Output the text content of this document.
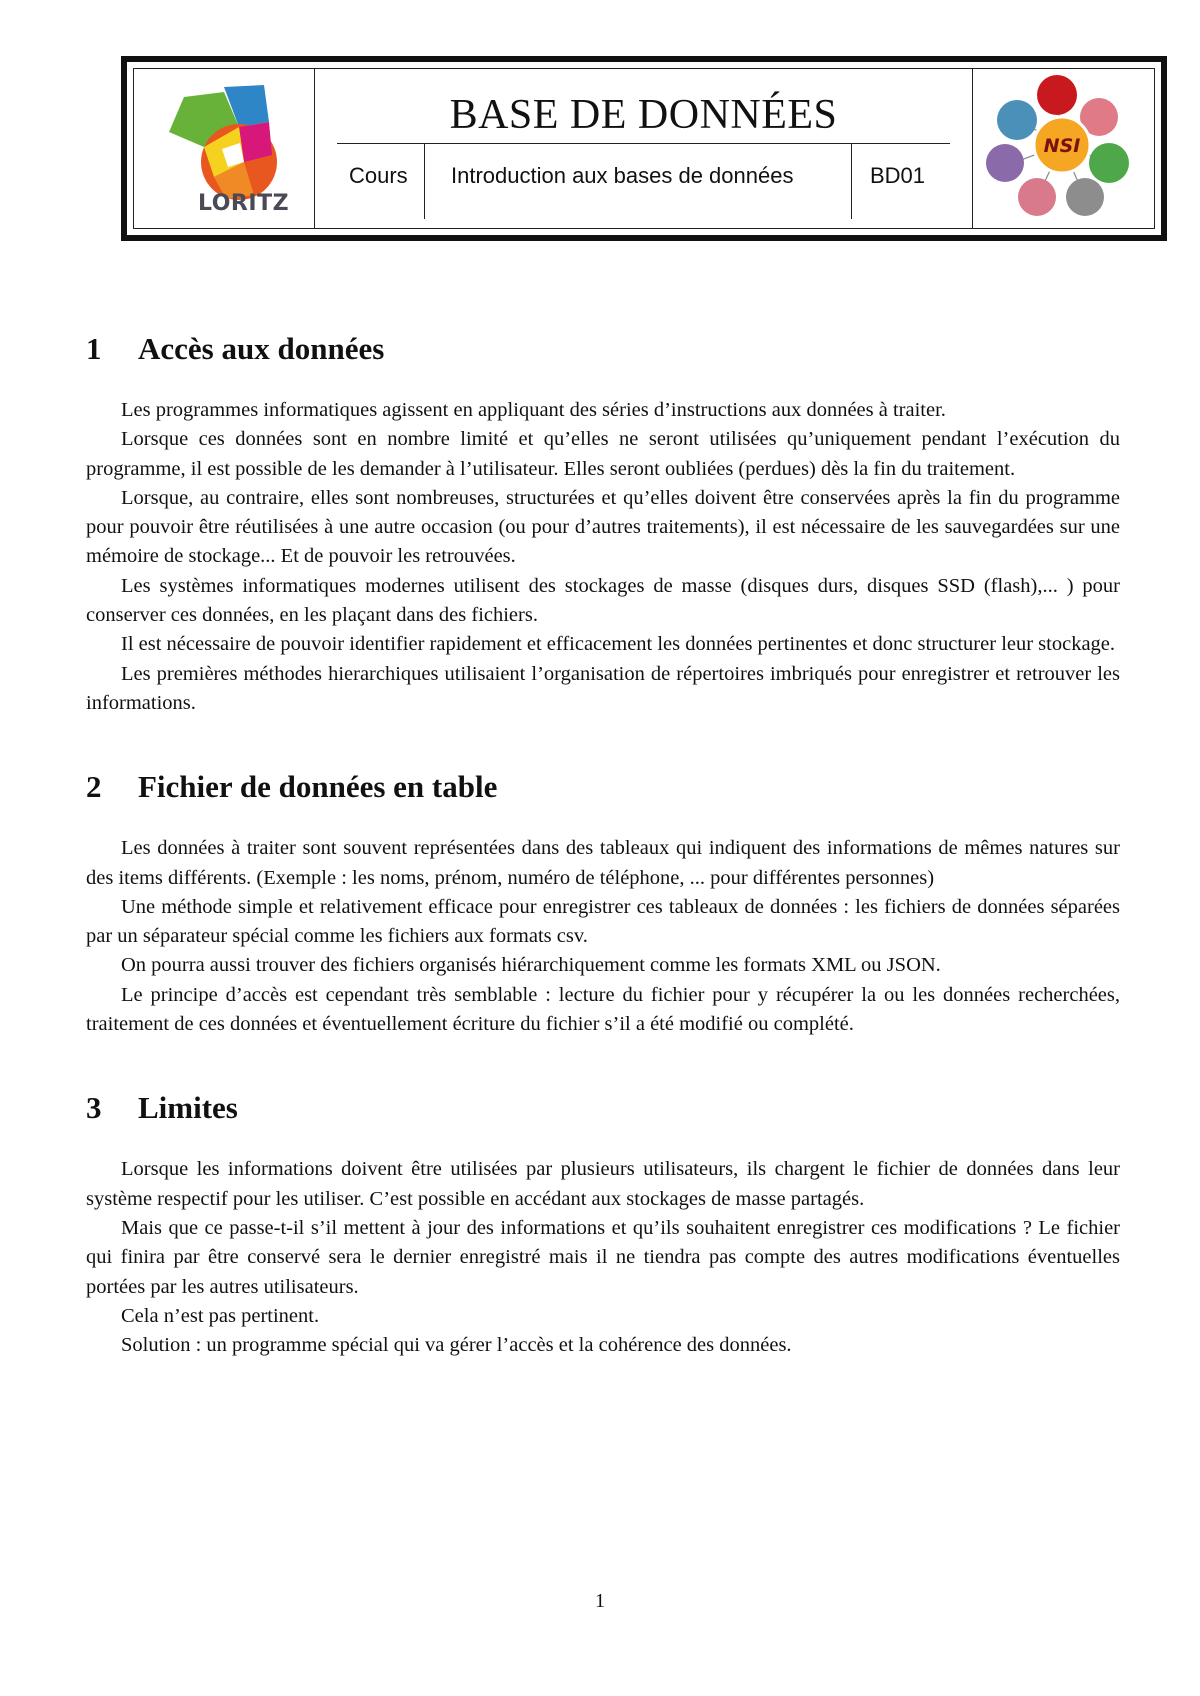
LORITZ
BASE DE DONNÉES
Cours	Introduction aux bases de données	BD01
NSI
1 Accès aux données

Les programmes informatiques agissent en appliquant des séries d’instructions aux données à traiter.

Lorsque ces données sont en nombre limité et qu’elles ne seront utilisées qu’uniquement pendant l’exécution du programme, il est possible de les demander à l’utilisateur. Elles seront oubliées (perdues) dès la fin du traitement.

Lorsque, au contraire, elles sont nombreuses, structurées et qu’elles doivent être conservées après la fin du programme pour pouvoir être réutilisées à une autre occasion (ou pour d’autres traitements), il est nécessaire de les sauvegardées sur une mémoire de stockage... Et de pouvoir les retrouvées.

Les systèmes informatiques modernes utilisent des stockages de masse (disques durs, disques SSD (flash),... ) pour conserver ces données, en les plaçant dans des fichiers.

Il est nécessaire de pouvoir identifier rapidement et efficacement les données pertinentes et donc structurer leur stockage.

Les premières méthodes hierarchiques utilisaient l’organisation de répertoires imbriqués pour enregistrer et retrouver les informations.

2 Fichier de données en table

Les données à traiter sont souvent représentées dans des tableaux qui indiquent des informations de mêmes natures sur des items différents. (Exemple : les noms, prénom, numéro de téléphone, ... pour différentes personnes)

Une méthode simple et relativement efficace pour enregistrer ces tableaux de données : les fichiers de données séparées par un séparateur spécial comme les fichiers aux formats csv.

On pourra aussi trouver des fichiers organisés hiérarchiquement comme les formats XML ou JSON.

Le principe d’accès est cependant très semblable : lecture du fichier pour y récupérer la ou les données recherchées, traitement de ces données et éventuellement écriture du fichier s’il a été modifié ou complété.

3 Limites

Lorsque les informations doivent être utilisées par plusieurs utilisateurs, ils chargent le fichier de données dans leur système respectif pour les utiliser. C’est possible en accédant aux stockages de masse partagés.

Mais que ce passe-t-il s’il mettent à jour des informations et qu’ils souhaitent enregistrer ces modifications ? Le fichier qui finira par être conservé sera le dernier enregistré mais il ne tiendra pas compte des autres modifications éventuelles portées par les autres utilisateurs.

Cela n’est pas pertinent.

Solution : un programme spécial qui va gérer l’accès et la cohérence des données.

1
